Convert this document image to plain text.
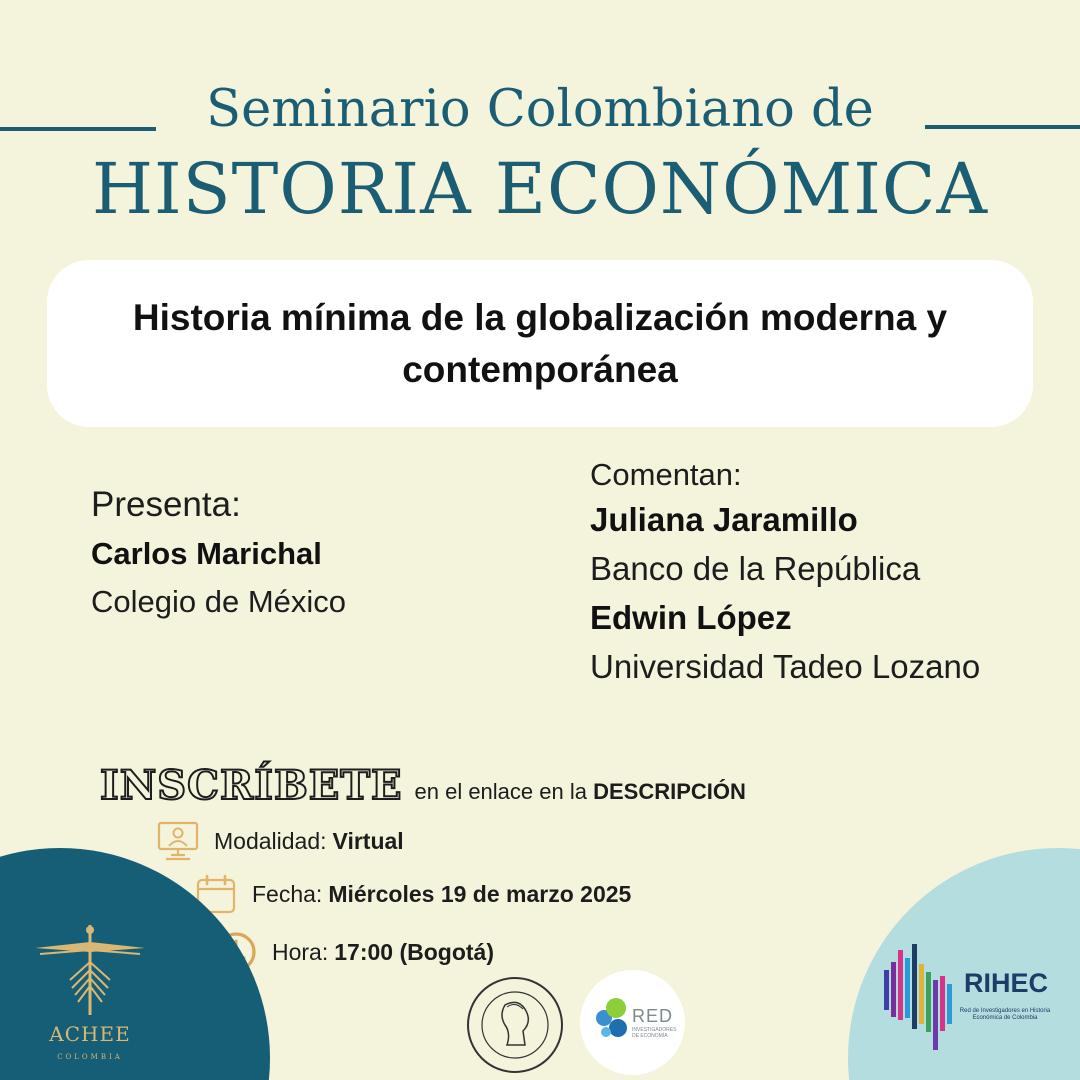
Seminario Colombiano de
HISTORIA ECONÓMICA
Historia mínima de la globalización moderna y contemporánea
Presenta:
Carlos Marichal
Colegio de México
Comentan:
Juliana Jaramillo
Banco de la República
Edwin López
Universidad Tadeo Lozano
INSCRÍBETE en el enlace en la DESCRIPCIÓN
Modalidad: Virtual
Fecha: Miércoles 19 de marzo 2025
Hora: 17:00 (Bogotá)
ACHEE
COLOMBIA
RED
INVESTIGADORES DE ECONOMÍA
RIHEC
Red de Investigadores en Historia Económica de Colombia
